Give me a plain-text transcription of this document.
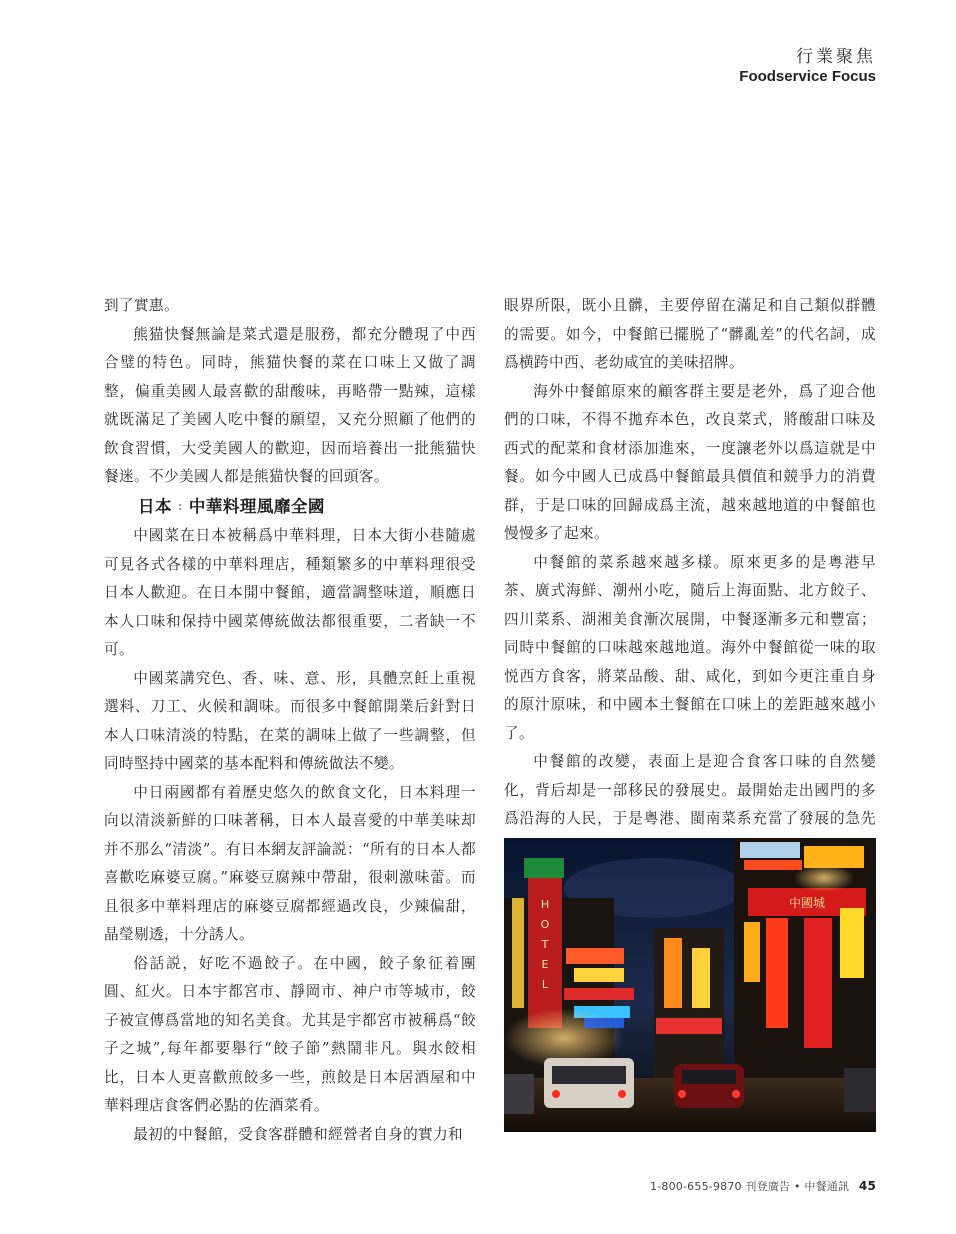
行業聚焦
Foodservice Focus

到了實惠。

熊猫快餐無論是菜式還是服務，都充分體現了中西合璧的特色。同時，熊猫快餐的菜在口味上又做了調整，偏重美國人最喜歡的甜酸味，再略帶一點辣，這樣就既滿足了美國人吃中餐的願望，又充分照顧了他們的飲食習慣，大受美國人的歡迎，因而培養出一批熊猫快餐迷。不少美國人都是熊猫快餐的回頭客。

日本 : 中華料理風靡全國

中國菜在日本被稱爲中華料理，日本大街小巷隨處可見各式各樣的中華料理店，種類繁多的中華料理很受日本人歡迎。在日本開中餐館，適當調整味道，順應日本人口味和保持中國菜傳統做法都很重要，二者缺一不可。

中國菜講究色、香、味、意、形，具體烹飪上重視選料、刀工、火候和調味。而很多中餐館開業后針對日本人口味清淡的特點，在菜的調味上做了一些調整，但同時堅持中國菜的基本配料和傳統做法不變。

中日兩國都有着歷史悠久的飲食文化，日本料理一向以清淡新鮮的口味著稱，日本人最喜愛的中華美味却并不那么“清淡”。有日本網友評論説：“所有的日本人都喜歡吃麻婆豆腐。”麻婆豆腐辣中帶甜，很刺激味蕾。而且很多中華料理店的麻婆豆腐都經過改良，少辣偏甜，晶瑩剔透，十分誘人。

俗話説，好吃不過餃子。在中國，餃子象征着團圓、紅火。日本宇都宮市、靜岡市、神户市等城市，餃子被宣傳爲當地的知名美食。尤其是宇都宮市被稱爲“餃子之城”,每年都要舉行“餃子節”熱鬧非凡。與水餃相比，日本人更喜歡煎餃多一些，煎餃是日本居酒屋和中華料理店食客們必點的佐酒菜肴。

最初的中餐館，受食客群體和經營者自身的實力和

眼界所限，既小且髒，主要停留在滿足和自己類似群體的需要。如今，中餐館已擺脱了“髒亂差”的代名詞，成爲横跨中西、老幼咸宜的美味招牌。

海外中餐館原來的顧客群主要是老外，爲了迎合他們的口味，不得不拋弃本色，改良菜式，將酸甜口味及西式的配菜和食材添加進來，一度讓老外以爲這就是中餐。如今中國人已成爲中餐館最具價值和競爭力的消費群，于是口味的回歸成爲主流，越來越地道的中餐館也慢慢多了起來。

中餐館的菜系越來越多樣。原來更多的是粵港早茶、廣式海鮮、潮州小吃，隨后上海面點、北方餃子、四川菜系、湖湘美食漸次展開，中餐逐漸多元和豐富；同時中餐館的口味越來越地道。海外中餐館從一味的取悦西方食客，將菜品酸、甜、咸化，到如今更注重自身的原汁原味，和中國本土餐館在口味上的差距越來越小了。

中餐館的改變，表面上是迎合食客口味的自然變化，背后却是一部移民的發展史。最開始走出國門的多爲沿海的人民，于是粵港、閩南菜系充當了發展的急先

H
O
T
E
L
中國城
1-800-655-9870 刊登廣告 • 中餐通訊 45
